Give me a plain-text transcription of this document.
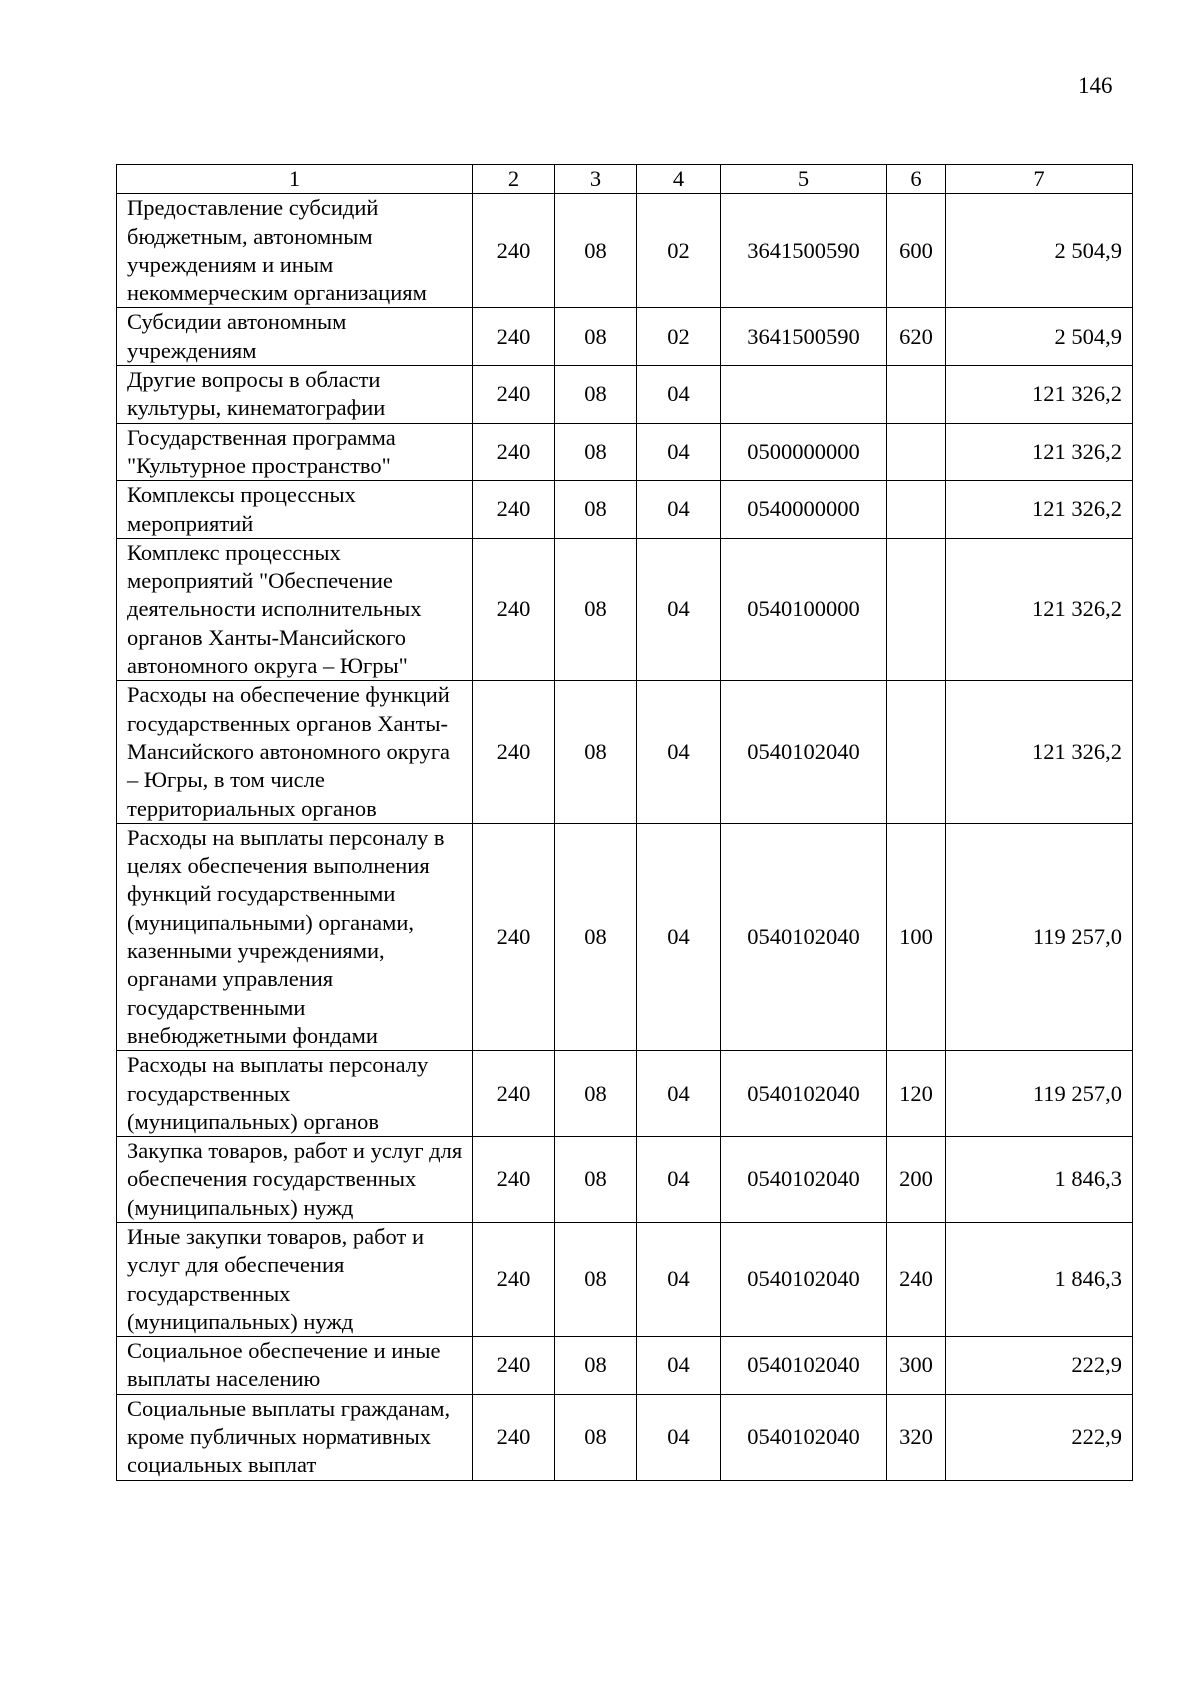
146
1	2	3	4	5	6	7
Предоставление субсидий бюджетным, автономным учреждениям и иным некоммерческим организациям	240	08	02	3641500590	600	2 504,9
Субсидии автономным учреждениям	240	08	02	3641500590	620	2 504,9
Другие вопросы в области культуры, кинематографии	240	08	04			121 326,2
Государственная программа "Культурное пространство"	240	08	04	0500000000		121 326,2
Комплексы процессных мероприятий	240	08	04	0540000000		121 326,2
Комплекс процессных мероприятий "Обеспечение деятельности исполнительных органов Ханты-Мансийского автономного округа – Югры"	240	08	04	0540100000		121 326,2
Расходы на обеспечение функций государственных органов Ханты-Мансийского автономного округа – Югры, в том числе территориальных органов	240	08	04	0540102040		121 326,2
Расходы на выплаты персоналу в целях обеспечения выполнения функций государственными (муниципальными) органами, казенными учреждениями, органами управления государственными внебюджетными фондами	240	08	04	0540102040	100	119 257,0
Расходы на выплаты персоналу государственных (муниципальных) органов	240	08	04	0540102040	120	119 257,0
Закупка товаров, работ и услуг для обеспечения государственных (муниципальных) нужд	240	08	04	0540102040	200	1 846,3
Иные закупки товаров, работ и услуг для обеспечения государственных (муниципальных) нужд	240	08	04	0540102040	240	1 846,3
Социальное обеспечение и иные выплаты населению	240	08	04	0540102040	300	222,9
Социальные выплаты гражданам, кроме публичных нормативных социальных выплат	240	08	04	0540102040	320	222,9
